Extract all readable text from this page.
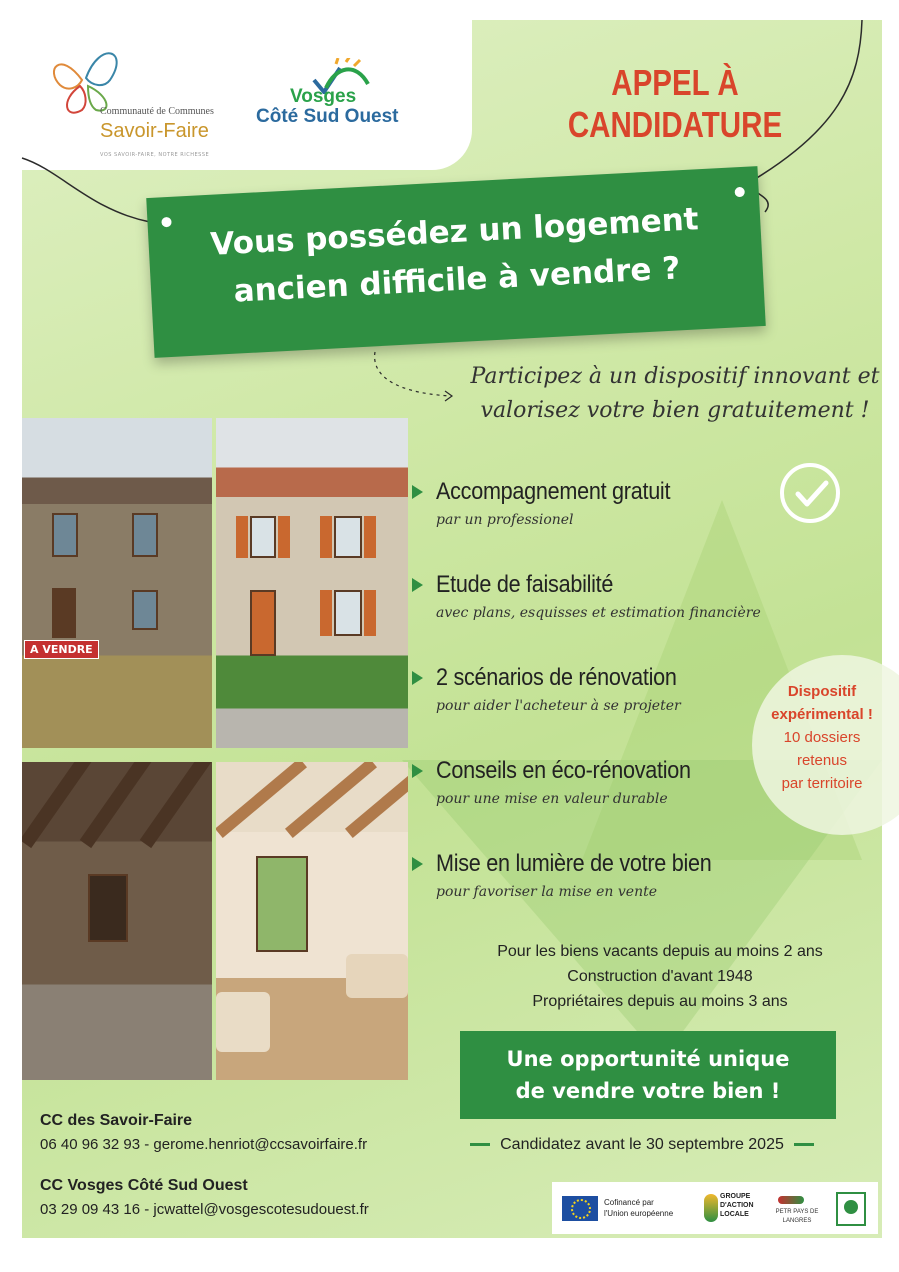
Communauté de Communes
Savoir-Faire
VOS SAVOIR-FAIRE, NOTRE RICHESSE
Vosges
Côté Sud Ouest
APPEL À CANDIDATURE
Vous possédez un logement
ancien difficile à vendre ?
Participez à un dispositif innovant et
valorisez votre bien gratuitement !
A VENDRE
Accompagnement gratuit
par un professionel
Etude de faisabilité
avec plans, esquisses et estimation financière
2 scénarios de rénovation
pour aider l'acheteur à se projeter
Conseils en éco-rénovation
pour une mise en valeur durable
Mise en lumière de votre bien
pour favoriser la mise en vente
Dispositif
expérimental !
10 dossiers
retenus
par territoire
Pour les biens vacants depuis au moins 2 ans
Construction d'avant 1948
Propriétaires depuis au moins 3 ans
Une opportunité unique
de vendre votre bien !
Candidatez avant le 30 septembre 2025
CC des Savoir-Faire
06 40 96 32 93 - gerome.henriot@ccsavoirfaire.fr
CC Vosges Côté Sud Ouest
03 29 09 43 16 - jcwattel@vosgescotesudouest.fr	Cofinancé par
l'Union européenne
GROUPE
D'ACTION
LOCALE	PETR PAYS DE LANGRES
